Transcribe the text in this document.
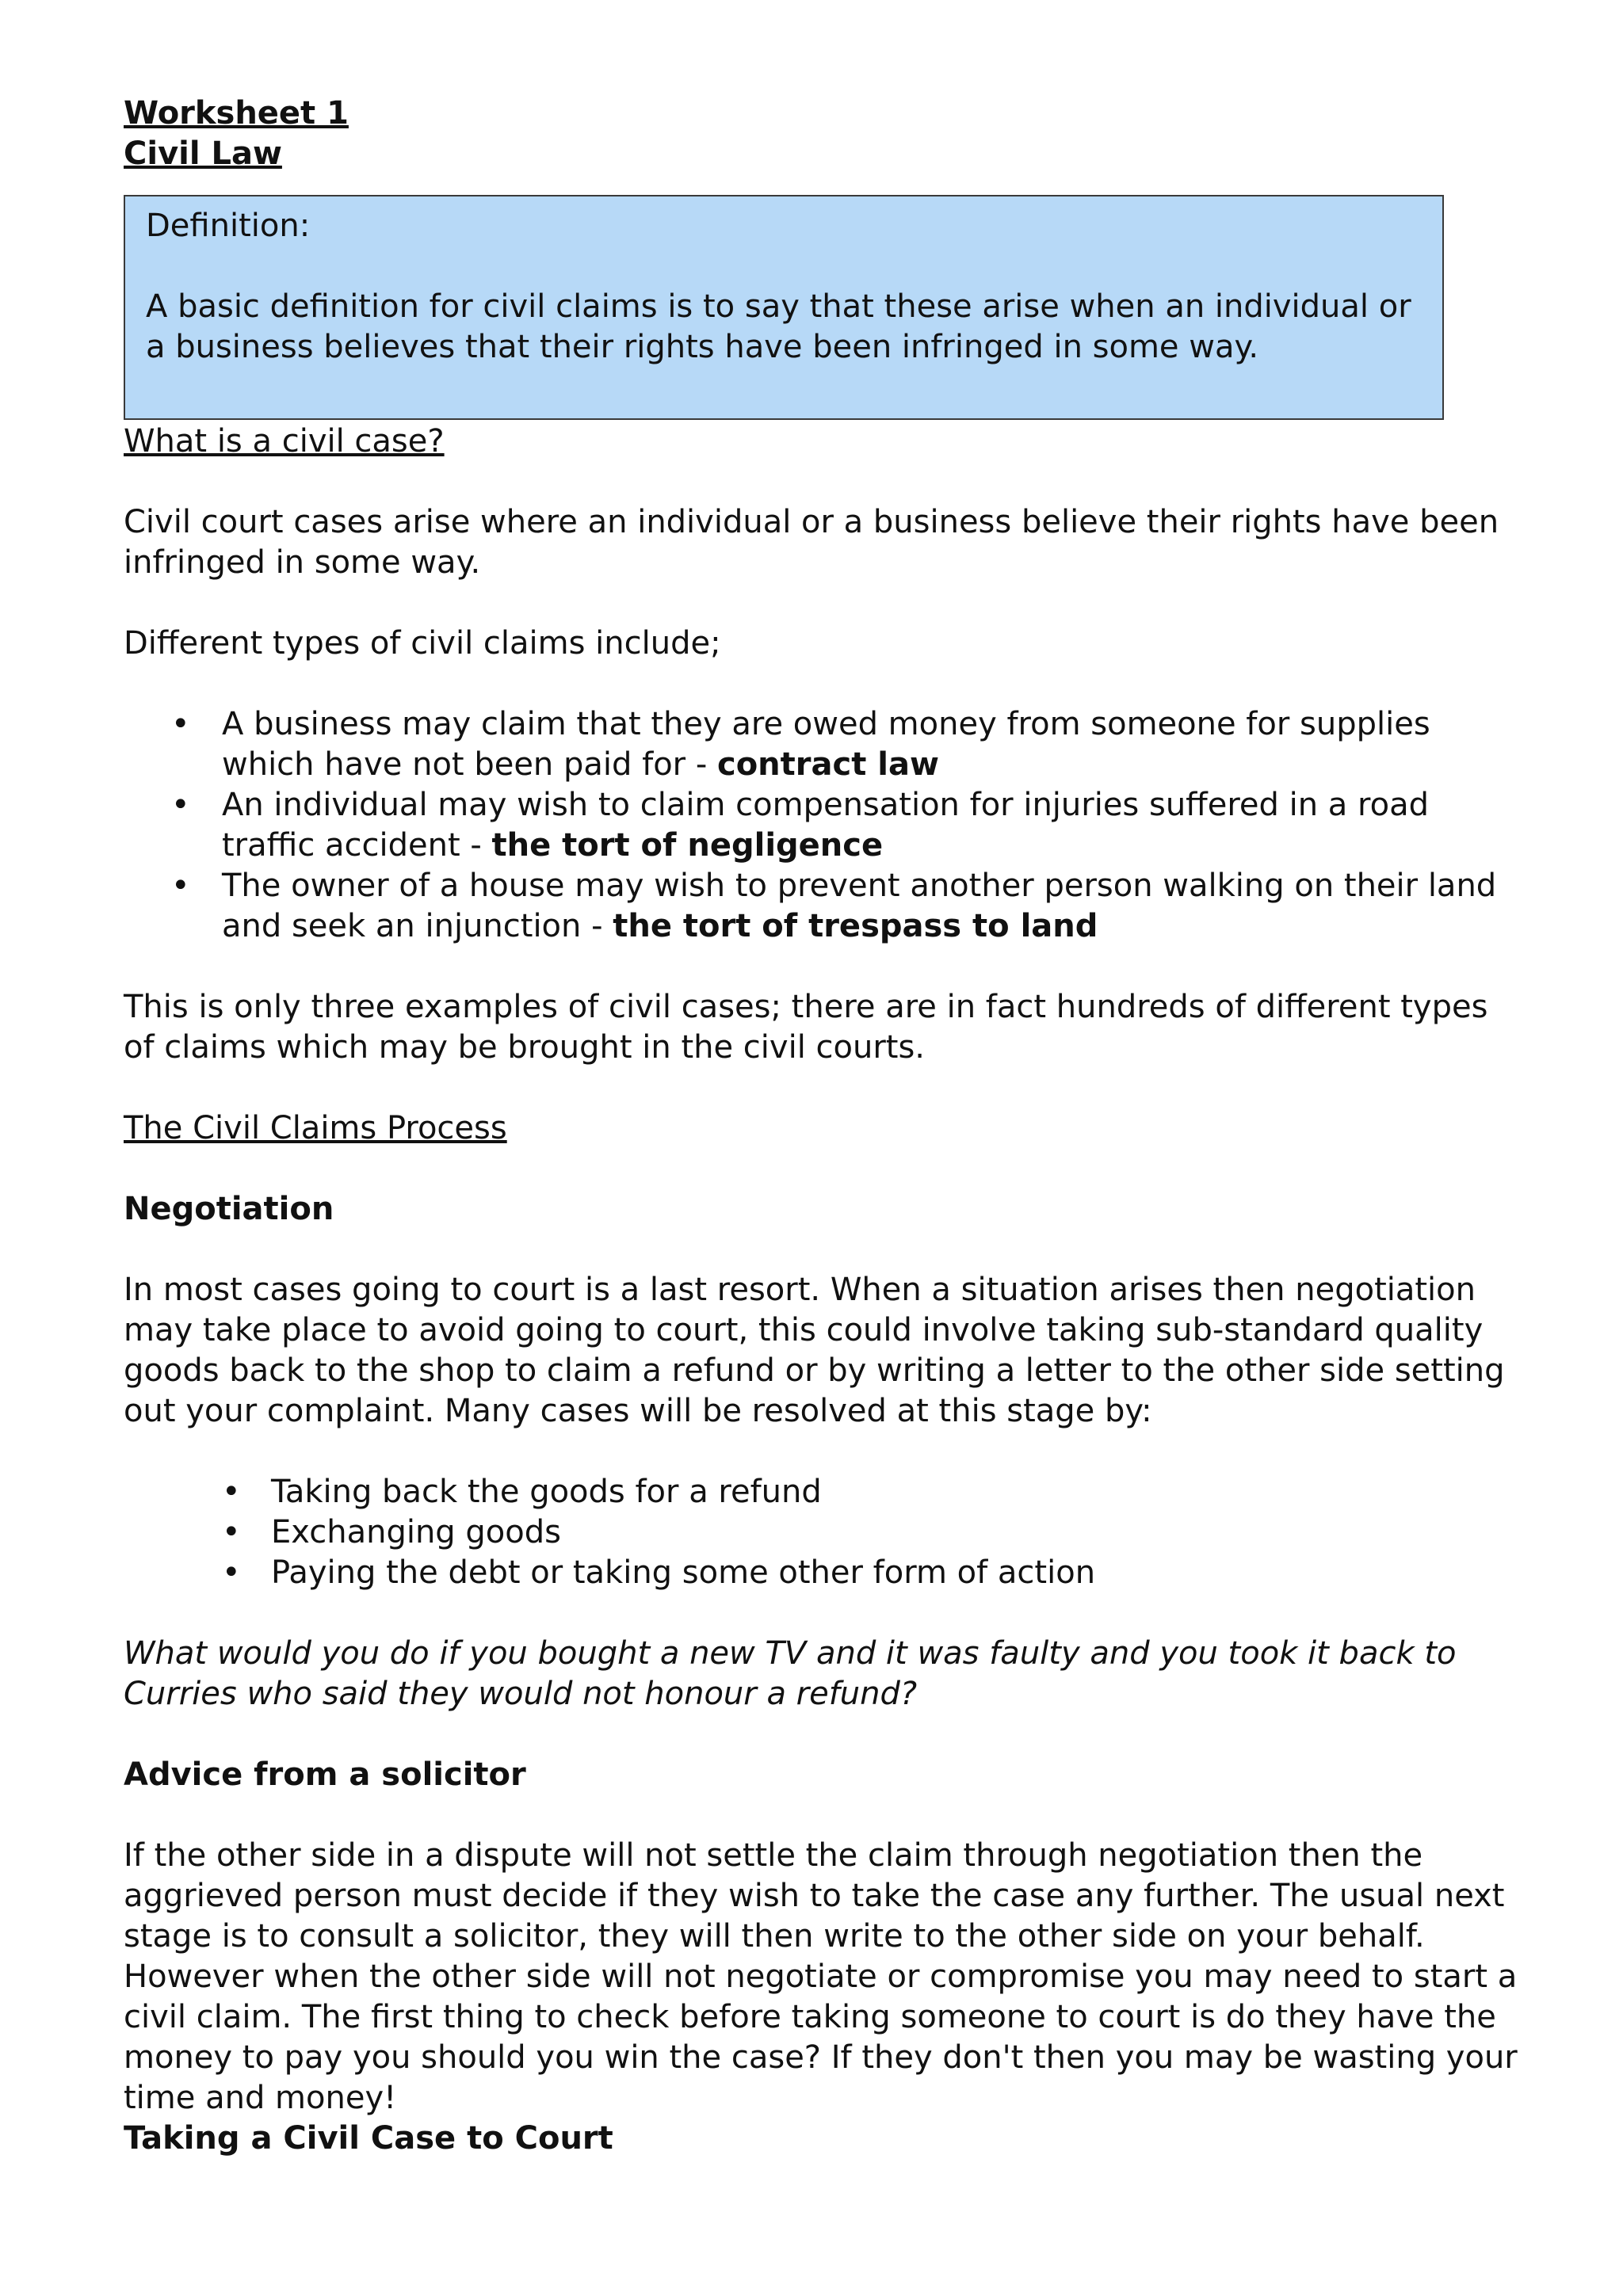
Worksheet 1

Civil Law

Definition:

A basic definition for civil claims is to say that these arise when an individual or a business believes that their rights have been infringed in some way.

What is a civil case?

Civil court cases arise where an individual or a business believe their rights have been infringed in some way.

Different types of civil claims include;

• A business may claim that they are owed money from someone for supplies which have not been paid for - contract law
• An individual may wish to claim compensation for injuries suffered in a road traffic accident - the tort of negligence
• The owner of a house may wish to prevent another person walking on their land and seek an injunction - the tort of trespass to land

This is only three examples of civil cases; there are in fact hundreds of different types of claims which may be brought in the civil courts.

The Civil Claims Process

Negotiation

In most cases going to court is a last resort. When a situation arises then negotiation may take place to avoid going to court, this could involve taking sub-standard quality goods back to the shop to claim a refund or by writing a letter to the other side setting out your complaint. Many cases will be resolved at this stage by:

• Taking back the goods for a refund
• Exchanging goods
• Paying the debt or taking some other form of action

What would you do if you bought a new TV and it was faulty and you took it back to Curries who said they would not honour a refund?

Advice from a solicitor

If the other side in a dispute will not settle the claim through negotiation then the aggrieved person must decide if they wish to take the case any further. The usual next stage is to consult a solicitor, they will then write to the other side on your behalf. However when the other side will not negotiate or compromise you may need to start a civil claim. The first thing to check before taking someone to court is do they have the money to pay you should you win the case? If they don't then you may be wasting your time and money!

Taking a Civil Case to Court
